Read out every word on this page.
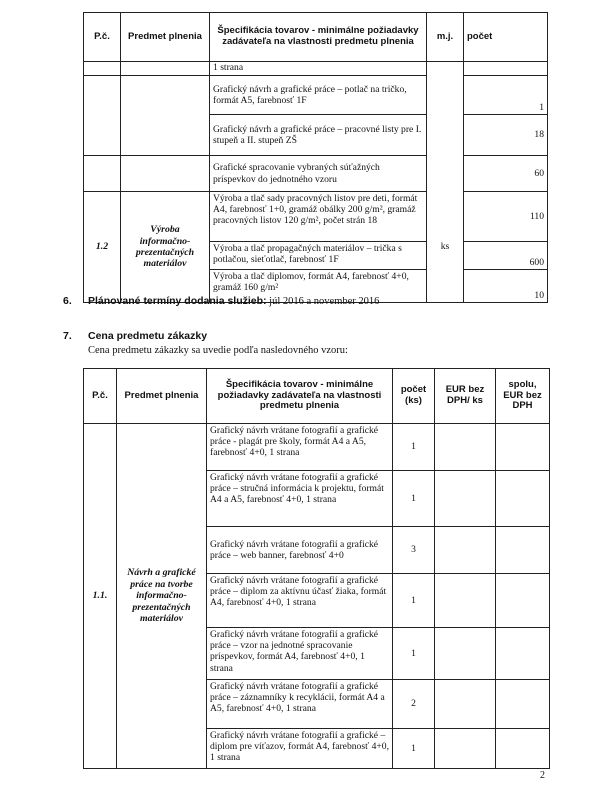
P.č.	Predmet plnenia	Špecifikácia tovarov - minimálne požiadavky zadávateľa na vlastnosti predmetu plnenia	m.j.	počet
		1 strana		
		Grafický návrh a grafické práce – potlač na tričko, formát A5, farebnosť 1F		1
		Grafický návrh a grafické práce – pracovné listy pre I. stupeň a II. stupeň ZŠ		18
		Grafické spracovanie vybraných súťažných príspevkov do jednotného vzoru		60
1.2	Výroba informačno-prezentačných materiálov	Výroba a tlač sady pracovných listov pre deti, formát A4, farebnosť 1+0, gramáž obálky 200 g/m², gramáž pracovných listov 120 g/m², počet strán 18	ks	110
		Výroba a tlač propagačných materiálov – trička s potlačou, sieťotlač, farebnosť 1F		600
		Výroba a tlač diplomov, formát A4, farebnosť 4+0, gramáž 160 g/m²		10
6. Plánované termíny dodania služieb: júl 2016 a november 2016
7. Cena predmetu zákazky
Cena predmetu zákazky sa uvedie podľa nasledovného vzoru:
P.č.	Predmet plnenia	Špecifikácia tovarov - minimálne požiadavky zadávateľa na vlastnosti predmetu plnenia	počet (ks)	EUR bez DPH/ ks	spolu, EUR bez DPH
1.1.	Návrh a grafické práce na tvorbe informačno-prezentačných materiálov	Grafický návrh vrátane fotografií a grafické práce - plagát pre školy, formát A4 a A5, farebnosť 4+0, 1 strana	1		
		Grafický návrh vrátane fotografií a grafické práce – stručná informácia k projektu, formát A4 a A5, farebnosť 4+0, 1 strana	1		
		Grafický návrh vrátane fotografií a grafické práce – web banner, farebnosť 4+0	3		
		Grafický návrh vrátane fotografií a grafické práce – diplom za aktívnu účasť žiaka, formát A4, farebnosť 4+0, 1 strana	1		
		Grafický návrh vrátane fotografií a grafické práce – vzor na jednotné spracovanie príspevkov, formát A4, farebnosť 4+0, 1 strana	1		
		Grafický návrh vrátane fotografií a grafické práce – záznamníky k recyklácii, formát A4 a A5, farebnosť 4+0, 1 strana	2		
		Grafický návrh vrátane fotografií a grafické – diplom pre víťazov, formát A4, farebnosť 4+0, 1 strana	1		
2
